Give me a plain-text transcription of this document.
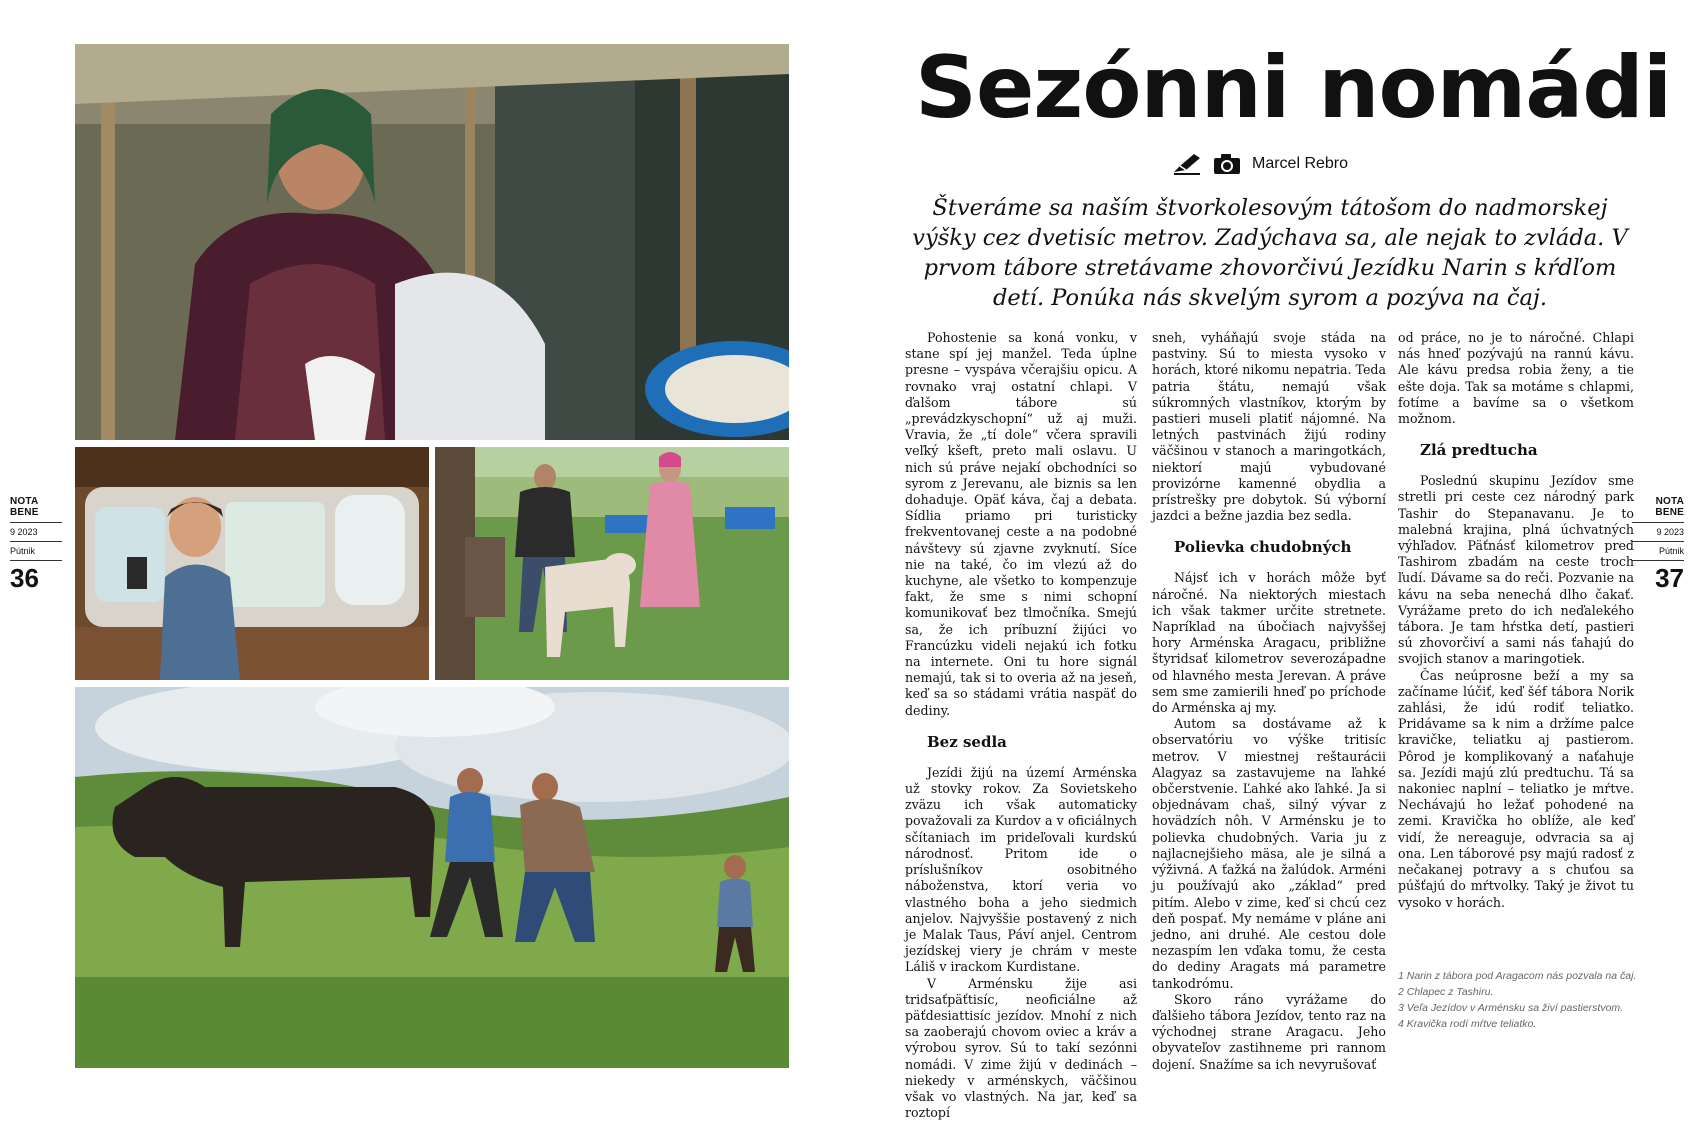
NOTA BENE
9 2023
Pútnik
36
NOTA BENE
9 2023
Pútnik
37
Sezónni nomádi
Marcel Rebro
Štveráme sa naším štvorkolesovým tátošom do nadmorskej výšky cez dvetisíc metrov. Zadýchava sa, ale nejak to zvláda. V prvom tábore stretávame zhovorčivú Jezídku Narin s kŕdľom detí. Ponúka nás skvelým syrom a pozýva na čaj.

Pohostenie sa koná vonku, v stane spí jej manžel. Teda úplne presne – vyspáva včerajšiu opicu. A rovnako vraj ostatní chlapi. V ďalšom tábore sú „prevádzkyschopní“ už aj muži. Vravia, že „tí dole“ včera spravili veľký kšeft, preto mali oslavu. U nich sú práve nejakí obchodníci so syrom z Jerevanu, ale biznis sa len dohaduje. Opäť káva, čaj a debata. Sídlia priamo pri turisticky frekventovanej ceste a na podobné návštevy sú zjavne zvyknutí. Síce nie na také, čo im vlezú až do kuchyne, ale všetko to kompenzuje fakt, že sme s nimi schopní komunikovať bez tlmočníka. Smejú sa, že ich príbuzní žijúci vo Francúzku videli nejakú ich fotku na internete. Oni tu hore signál nemajú, tak si to overia až na jeseň, keď sa so stádami vrátia naspäť do dediny.

Bez sedla

Jezídi žijú na území Arménska už stovky rokov. Za Sovietskeho zväzu ich však automaticky považovali za Kurdov a v oficiálnych sčítaniach im prideľovali kurdskú národnosť. Pritom ide o príslušníkov osobitného náboženstva, ktorí veria vo vlastného boha a jeho siedmich anjelov. Najvyššie postavený z nich je Malak Taus, Páví anjel. Centrom jezídskej viery je chrám v meste Láliš v irackom Kurdistane.

V Arménsku žije asi tridsaťpäťtisíc, neoficiálne až päťdesiattisíc jezídov. Mnohí z nich sa zaoberajú chovom oviec a kráv a výrobou syrov. Sú to takí sezónni nomádi. V zime žijú v dedinách – niekedy v arménskych, väčšinou však vo vlastných. Na jar, keď sa roztopí

sneh, vyháňajú svoje stáda na pastviny. Sú to miesta vysoko v horách, ktoré nikomu nepatria. Teda patria štátu, nemajú však súkromných vlastníkov, ktorým by pastieri museli platiť nájomné. Na letných pastvinách žijú rodiny väčšinou v stanoch a maringotkách, niektorí majú vybudované provizórne kamenné obydlia a prístrešky pre dobytok. Sú výborní jazdci a bežne jazdia bez sedla.

Polievka chudobných

Nájsť ich v horách môže byť náročné. Na niektorých miestach ich však takmer určite stretnete. Napríklad na úbočiach najvyššej hory Arménska Aragacu, približne štyridsať kilometrov severozápadne od hlavného mesta Jerevan. A práve sem sme zamierili hneď po príchode do Arménska aj my.

Autom sa dostávame až k observatóriu vo výške tritisíc metrov. V miestnej reštaurácii Alagyaz sa zastavujeme na ľahké občerstvenie. Ľahké ako ľahké. Ja si objednávam chaš, silný vývar z hovädzích nôh. V Arménsku je to polievka chudobných. Varia ju z najlacnejšieho mäsa, ale je silná a výživná. A ťažká na žalúdok. Arméni ju používajú ako „základ“ pred pitím. Alebo v zime, keď si chcú cez deň pospať. My nemáme v pláne ani jedno, ani druhé. Ale cestou dole nezaspím len vďaka tomu, že cesta do dediny Aragats má parametre tankodrómu.

Skoro ráno vyrážame do ďalšieho tábora Jezídov, tento raz na východnej strane Aragacu. Jeho obyvateľov zastihneme pri rannom dojení. Snažíme sa ich nevyrušovať

od práce, no je to náročné. Chlapi nás hneď pozývajú na rannú kávu. Ale kávu predsa robia ženy, a tie ešte doja. Tak sa motáme s chlapmi, fotíme a bavíme sa o všetkom možnom.

Zlá predtucha

Poslednú skupinu Jezídov sme stretli pri ceste cez národný park Tashir do Stepanavanu. Je to malebná krajina, plná úchvatných výhľadov. Päťnásť kilometrov pred Tashirom zbadám na ceste troch ľudí. Dávame sa do reči. Pozvanie na kávu na seba nenechá dlho čakať. Vyrážame preto do ich neďalekého tábora. Je tam hŕstka detí, pastieri sú zhovorčiví a sami nás ťahajú do svojich stanov a maringotiek.

Čas neúprosne beží a my sa začíname lúčiť, keď šéf tábora Norik zahlási, že idú rodiť teliatko. Pridávame sa k nim a držíme palce kravičke, teliatku aj pastierom. Pôrod je komplikovaný a naťahuje sa. Jezídi majú zlú predtuchu. Tá sa nakoniec naplní – teliatko je mŕtve. Nechávajú ho ležať pohodené na zemi. Kravička ho oblíže, ale keď vidí, že nereaguje, odvracia sa aj ona. Len táborové psy majú radosť z nečakanej potravy a s chuťou sa púšťajú do mŕtvolky. Taký je život tu vysoko v horách.

1 Narin z tábora pod Aragacom nás pozvala na čaj.
2 Chlapec z Tashiru.
3 Veľa Jezídov v Arménsku sa živí pastierstvom.
4 Kravička rodí mŕtve teliatko.
